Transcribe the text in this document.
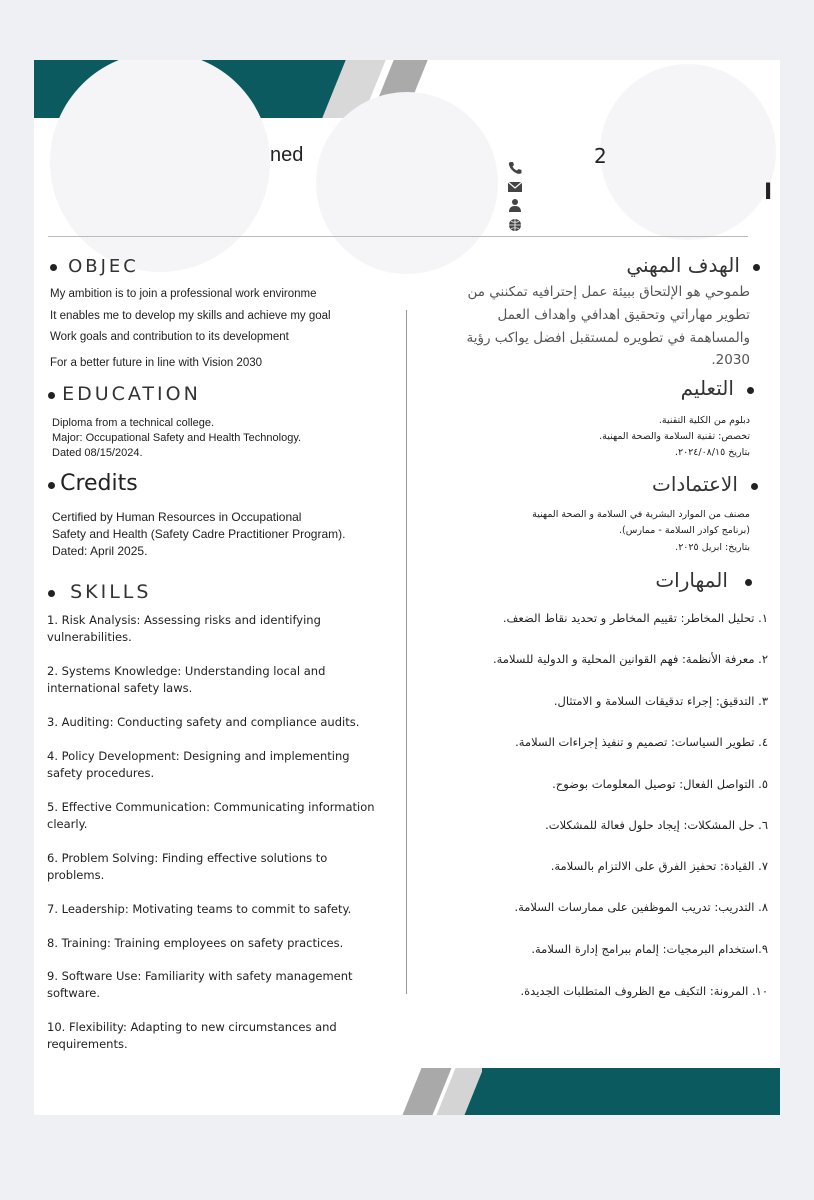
ned	2
I
OBJEC
My ambition is to join a professional work environme
It enables me to develop my skills and achieve my goal
Work goals and contribution to its development
For a better future in line with Vision 2030
EDUCATION
Diploma from a technical college.
Major: Occupational Safety and Health Technology.
Dated 08/15/2024.
Credits
Certified by Human Resources in Occupational
Safety and Health (Safety Cadre Practitioner Program).
Dated: April 2025.
SKILLS
1. Risk Analysis: Assessing risks and identifying
vulnerabilities.
2. Systems Knowledge: Understanding local and
international safety laws.
3. Auditing: Conducting safety and compliance audits.
4. Policy Development: Designing and implementing
safety procedures.
5. Effective Communication: Communicating information
clearly.
6. Problem Solving: Finding effective solutions to
problems.
7. Leadership: Motivating teams to commit to safety.
8. Training: Training employees on safety practices.
9. Software Use: Familiarity with safety management
software.
10. Flexibility: Adapting to new circumstances and
requirements.
الهدف المهني
طموحي هو الإلتحاق ببيئة عمل إحترافيه تمكنني من
تطوير مهاراتي وتحقيق اهدافي واهداف العمل
والمساهمة في تطويره لمستقبل افضل يواكب رؤية
2030.
التعليم
دبلوم من الكلية التقنية.
تخصص: تقنية السلامة والصحة المهنية.
بتاريخ ٢٠٢٤/٠٨/١٥.
الاعتمادات
مصنف من الموارد البشرية في السلامة و الصحة المهنية
(برنامج كوادر السلامة - ممارس).
بتاريخ: ابريل ٢٠٢٥.
المهارات
١. تحليل المخاطر: تقييم المخاطر و تحديد نقاط الضعف.
٢. معرفة الأنظمة: فهم القوانين المحلية و الدولية للسلامة.
٣. التدقيق: إجراء تدقيقات السلامة و الامتثال.
٤. تطوير السياسات: تصميم و تنفيذ إجراءات السلامة.
٥. التواصل الفعال: توصيل المعلومات بوضوح.
٦. حل المشكلات: إيجاد حلول فعالة للمشكلات.
٧. القيادة: تحفيز الفرق على الالتزام بالسلامة.
٨. التدريب: تدريب الموظفين على ممارسات السلامة.
٩.استخدام البرمجيات: إلمام ببرامج إدارة السلامة.
١٠. المرونة: التكيف مع الظروف المتطلبات الجديدة.
